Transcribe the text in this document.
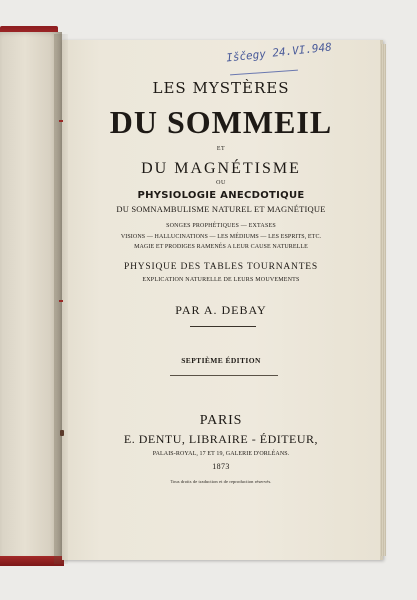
Iščegy 24.VI.948
LES MYSTÈRES
DU SOMMEIL
ET
DU MAGNÉTISME
OU
PHYSIOLOGIE ANECDOTIQUE
DU SOMNAMBULISME NATUREL ET MAGNÉTIQUE
SONGES PROPHÉTIQUES — EXTASES
VISIONS — HALLUCINATIONS — LES MÉDIUMS — LES ESPRITS, ETC.
MAGIE ET PRODIGES RAMENÉS A LEUR CAUSE NATURELLE
PHYSIQUE DES TABLES TOURNANTES
EXPLICATION NATURELLE DE LEURS MOUVEMENTS
PAR A. DEBAY
SEPTIÈME ÉDITION
PARIS
E. DENTU, LIBRAIRE - ÉDITEUR,
PALAIS-ROYAL, 17 ET 19, GALERIE D'ORLÉANS.
1873
Tous droits de traduction et de reproduction réservés.
